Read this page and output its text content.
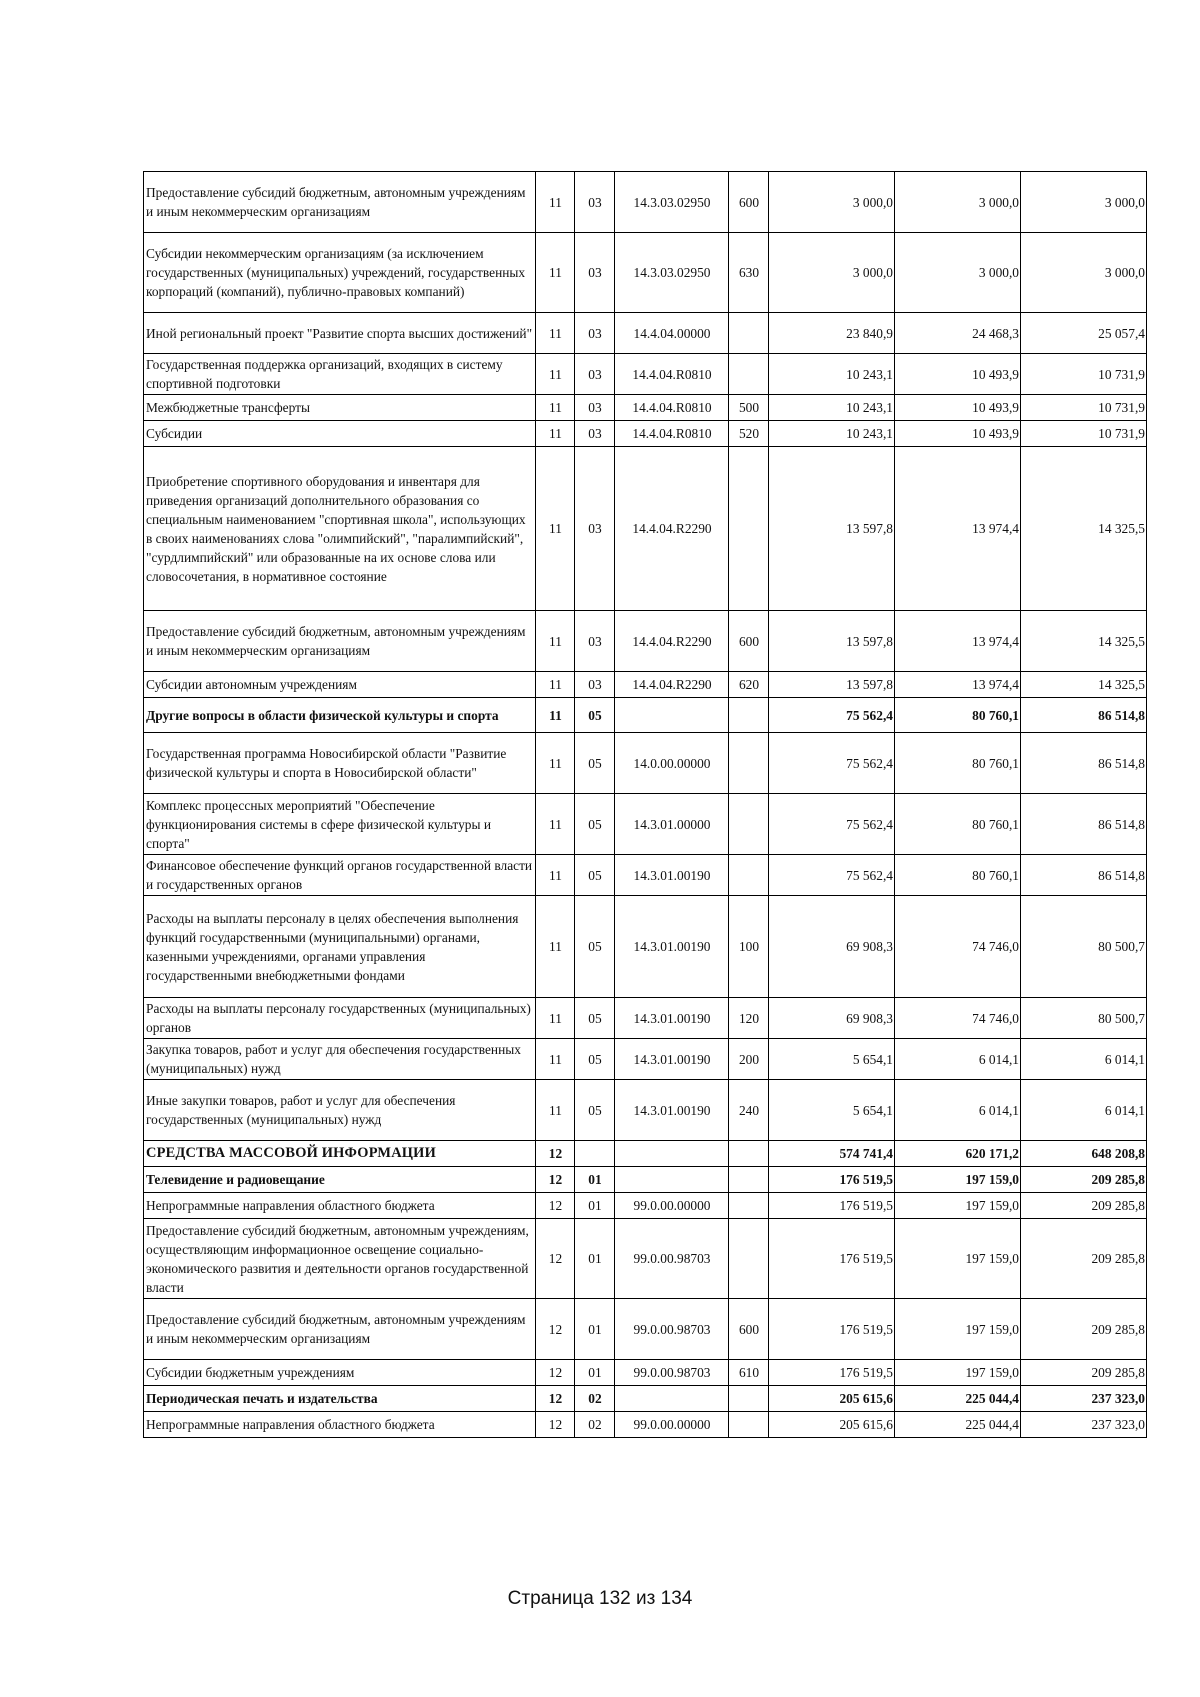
Предоставление субсидий бюджетным, автономным учреждениям и иным некоммерческим организациям	11	03	14.3.03.02950	600	3 000,0	3 000,0	3 000,0
Субсидии некоммерческим организациям (за исключением государственных (муниципальных) учреждений, государственных корпораций (компаний), публично-правовых компаний)	11	03	14.3.03.02950	630	3 000,0	3 000,0	3 000,0
Иной региональный проект "Развитие спорта высших достижений"	11	03	14.4.04.00000		23 840,9	24 468,3	25 057,4
Государственная поддержка организаций, входящих в систему спортивной подготовки	11	03	14.4.04.R0810		10 243,1	10 493,9	10 731,9
Межбюджетные трансферты	11	03	14.4.04.R0810	500	10 243,1	10 493,9	10 731,9
Субсидии	11	03	14.4.04.R0810	520	10 243,1	10 493,9	10 731,9
Приобретение спортивного оборудования и инвентаря для приведения организаций дополнительного образования со специальным наименованием "спортивная школа", использующих в своих наименованиях слова "олимпийский", "паралимпийский", "сурдлимпийский" или образованные на их основе слова или словосочетания, в нормативное состояние	11	03	14.4.04.R2290		13 597,8	13 974,4	14 325,5
Предоставление субсидий бюджетным, автономным учреждениям и иным некоммерческим организациям	11	03	14.4.04.R2290	600	13 597,8	13 974,4	14 325,5
Субсидии автономным учреждениям	11	03	14.4.04.R2290	620	13 597,8	13 974,4	14 325,5
Другие вопросы в области физической культуры и спорта	11	05			75 562,4	80 760,1	86 514,8
Государственная программа Новосибирской области "Развитие физической культуры и спорта в Новосибирской области"	11	05	14.0.00.00000		75 562,4	80 760,1	86 514,8
Комплекс процессных мероприятий "Обеспечение функционирования системы в сфере физической культуры и спорта"	11	05	14.3.01.00000		75 562,4	80 760,1	86 514,8
Финансовое обеспечение функций органов государственной власти и государственных органов	11	05	14.3.01.00190		75 562,4	80 760,1	86 514,8
Расходы на выплаты персоналу в целях обеспечения выполнения функций государственными (муниципальными) органами, казенными учреждениями, органами управления государственными внебюджетными фондами	11	05	14.3.01.00190	100	69 908,3	74 746,0	80 500,7
Расходы на выплаты персоналу государственных (муниципальных) органов	11	05	14.3.01.00190	120	69 908,3	74 746,0	80 500,7
Закупка товаров, работ и услуг для обеспечения государственных (муниципальных) нужд	11	05	14.3.01.00190	200	5 654,1	6 014,1	6 014,1
Иные закупки товаров, работ и услуг для обеспечения государственных (муниципальных) нужд	11	05	14.3.01.00190	240	5 654,1	6 014,1	6 014,1
СРЕДСТВА МАССОВОЙ ИНФОРМАЦИИ	12				574 741,4	620 171,2	648 208,8
Телевидение и радиовещание	12	01			176 519,5	197 159,0	209 285,8
Непрограммные направления областного бюджета	12	01	99.0.00.00000		176 519,5	197 159,0	209 285,8
Предоставление субсидий бюджетным, автономным учреждениям, осуществляющим информационное освещение социально-экономического развития и деятельности органов государственной власти	12	01	99.0.00.98703		176 519,5	197 159,0	209 285,8
Предоставление субсидий бюджетным, автономным учреждениям и иным некоммерческим организациям	12	01	99.0.00.98703	600	176 519,5	197 159,0	209 285,8
Субсидии бюджетным учреждениям	12	01	99.0.00.98703	610	176 519,5	197 159,0	209 285,8
Периодическая печать и издательства	12	02			205 615,6	225 044,4	237 323,0
Непрограммные направления областного бюджета	12	02	99.0.00.00000		205 615,6	225 044,4	237 323,0
Страница 132 из 134
